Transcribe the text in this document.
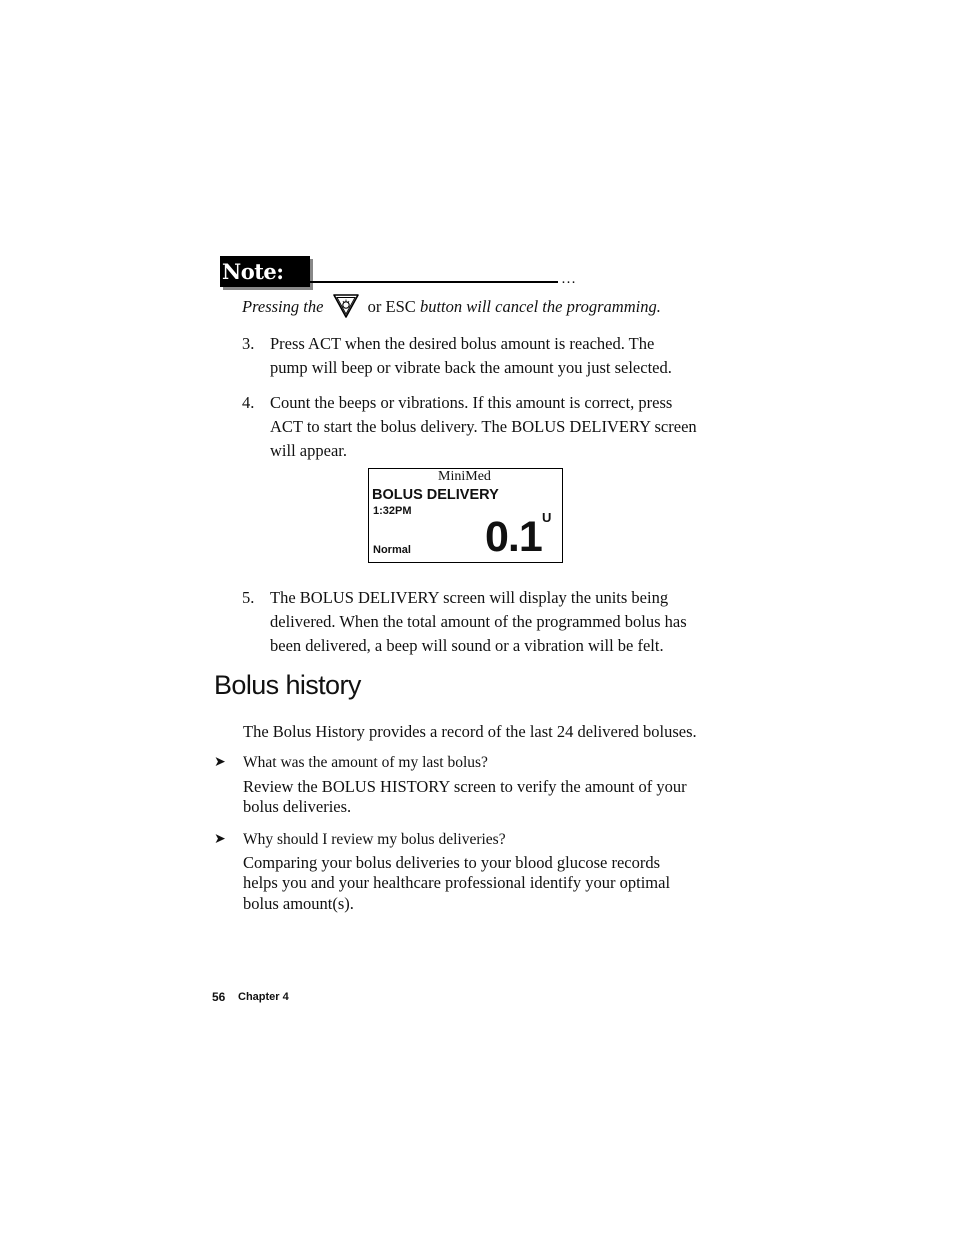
Note:	…
Pressing the	or ESC button will cancel the programming.
3. Press ACT when the desired bolus amount is reached. The
pump will beep or vibrate back the amount you just selected.
4. Count the beeps or vibrations. If this amount is correct, press
ACT to start the bolus delivery. The BOLUS DELIVERY screen
will appear.
MiniMed
BOLUS DELIVERY
1:32PM
Normal 0.1 U
5. The BOLUS DELIVERY screen will display the units being
delivered. When the total amount of the programmed bolus has
been delivered, a beep will sound or a vibration will be felt.
Bolus history
The Bolus History provides a record of the last 24 delivered boluses.
➤ What was the amount of my last bolus?
Review the BOLUS HISTORY screen to verify the amount of your
bolus deliveries.
➤ Why should I review my bolus deliveries?
Comparing your bolus deliveries to your blood glucose records
helps you and your healthcare professional identify your optimal
bolus amount(s).
56 Chapter 4
